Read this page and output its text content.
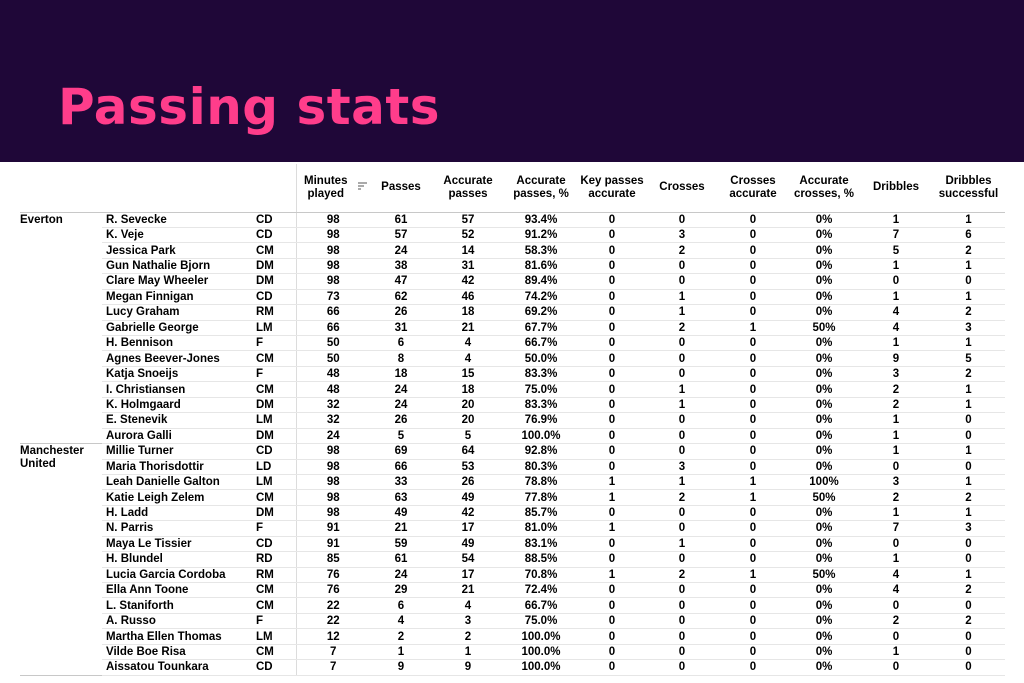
Passing stats

			Minutes played	Passes	Accurate passes	Accurate passes, %	Key passes accurate	Crosses	Crosses accurate	Accurate crosses, %	Dribbles	Dribbles successful
Everton	R. Sevecke	CD	98	61	57	93.4%	0	0	0	0%	1	1
	K. Veje	CD	98	57	52	91.2%	0	3	0	0%	7	6
	Jessica Park	CM	98	24	14	58.3%	0	2	0	0%	5	2
	Gun Nathalie Bjorn	DM	98	38	31	81.6%	0	0	0	0%	1	1
	Clare May Wheeler	DM	98	47	42	89.4%	0	0	0	0%	0	0
	Megan Finnigan	CD	73	62	46	74.2%	0	1	0	0%	1	1
	Lucy Graham	RM	66	26	18	69.2%	0	1	0	0%	4	2
	Gabrielle George	LM	66	31	21	67.7%	0	2	1	50%	4	3
	H. Bennison	F	50	6	4	66.7%	0	0	0	0%	1	1
	Agnes Beever-Jones	CM	50	8	4	50.0%	0	0	0	0%	9	5
	Katja Snoeijs	F	48	18	15	83.3%	0	0	0	0%	3	2
	I. Christiansen	CM	48	24	18	75.0%	0	1	0	0%	2	1
	K. Holmgaard	DM	32	24	20	83.3%	0	1	0	0%	2	1
	E. Stenevik	LM	32	26	20	76.9%	0	0	0	0%	1	0
	Aurora Galli	DM	24	5	5	100.0%	0	0	0	0%	1	0
Manchester United	Millie Turner	CD	98	69	64	92.8%	0	0	0	0%	1	1
	Maria Thorisdottir	LD	98	66	53	80.3%	0	3	0	0%	0	0
	Leah Danielle Galton	LM	98	33	26	78.8%	1	1	1	100%	3	1
	Katie Leigh Zelem	CM	98	63	49	77.8%	1	2	1	50%	2	2
	H. Ladd	DM	98	49	42	85.7%	0	0	0	0%	1	1
	N. Parris	F	91	21	17	81.0%	1	0	0	0%	7	3
	Maya Le Tissier	CD	91	59	49	83.1%	0	1	0	0%	0	0
	H. Blundel	RD	85	61	54	88.5%	0	0	0	0%	1	0
	Lucia Garcia Cordoba	RM	76	24	17	70.8%	1	2	1	50%	4	1
	Ella Ann Toone	CM	76	29	21	72.4%	0	0	0	0%	4	2
	L. Staniforth	CM	22	6	4	66.7%	0	0	0	0%	0	0
	A. Russo	F	22	4	3	75.0%	0	0	0	0%	2	2
	Martha Ellen Thomas	LM	12	2	2	100.0%	0	0	0	0%	0	0
	Vilde Boe Risa	CM	7	1	1	100.0%	0	0	0	0%	1	0
	Aissatou Tounkara	CD	7	9	9	100.0%	0	0	0	0%	0	0
